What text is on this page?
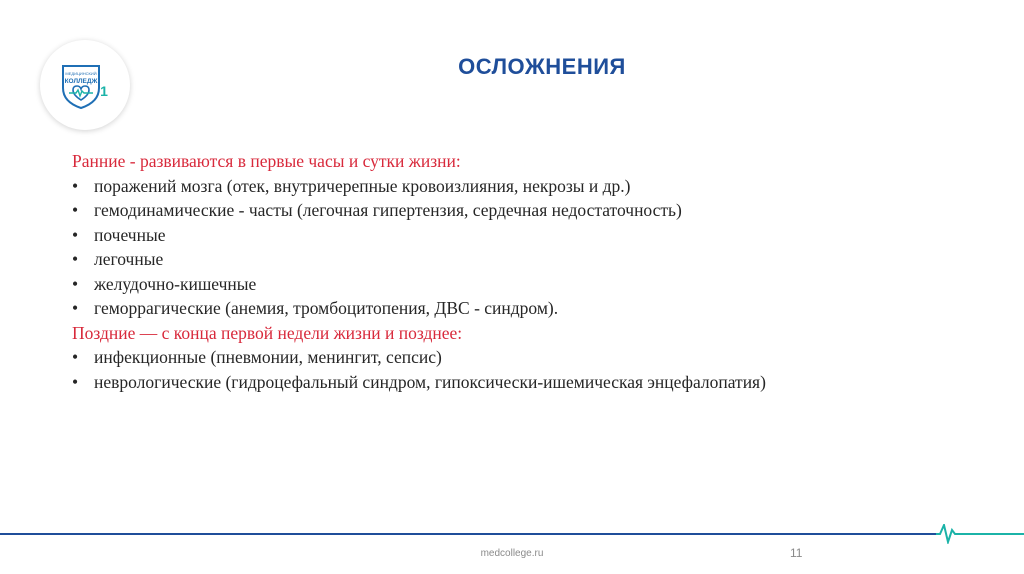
МЕДИЦИНСКИЙ
КОЛЛЕДЖ
1
ОСЛОЖНЕНИЯ
Ранние - развиваются в первые часы и сутки жизни:
• поражений мозга (отек, внутричерепные кровоизлияния, некрозы и др.)
• гемодинамические - часты (легочная гипертензия, сердечная недостаточность)
• почечные
• легочные
• желудочно-кишечные
• геморрагические (анемия, тромбоцитопения, ДВС - синдром).
Поздние — с конца первой недели жизни и позднее:
• инфекционные (пневмонии, менингит, сепсис)
• неврологические (гидроцефальный синдром, гипоксически-ишемическая энцефалопатия)
medcollege.ru	11
